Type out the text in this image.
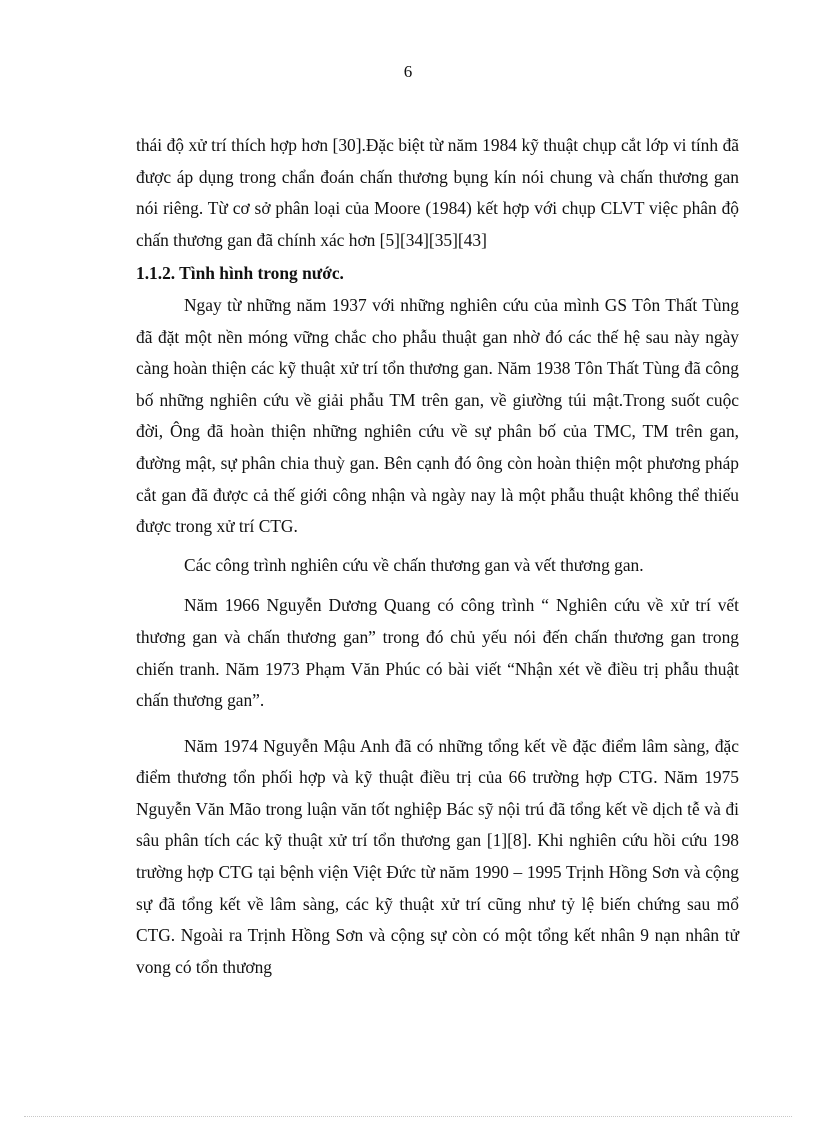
6

thái độ xử trí thích hợp hơn [30].Đặc biệt từ năm 1984 kỹ thuật chụp cắt lớp vi tính đã được áp dụng trong chẩn đoán chấn thương bụng kín nói chung và chấn thương gan nói riêng. Từ cơ sở phân loại của Moore (1984) kết hợp với chụp CLVT việc phân độ chấn thương gan đã chính xác hơn [5][34][35][43]

1.1.2. Tình hình trong nước.

Ngay từ những năm 1937 với những nghiên cứu của mình GS Tôn Thất Tùng đã đặt một nền móng vững chắc cho phẫu thuật gan nhờ đó các thế hệ sau này ngày càng hoàn thiện các kỹ thuật xử trí tổn thương gan. Năm 1938 Tôn Thất Tùng đã công bố những nghiên cứu về giải phẫu TM trên gan, về giường túi mật.Trong suốt cuộc đời, Ông đã hoàn thiện những nghiên cứu về sự phân bố của TMC, TM trên gan, đường mật, sự phân chia thuỳ gan. Bên cạnh đó ông còn hoàn thiện một phương pháp cắt gan đã được cả thế giới công nhận và ngày nay là một phẫu thuật không thể thiếu được trong xử trí CTG.

Các công trình nghiên cứu về chấn thương gan và vết thương gan.

Năm 1966 Nguyễn Dương Quang có công trình “ Nghiên cứu về xử trí vết thương gan và chấn thương gan” trong đó chủ yếu nói đến chấn thương gan trong chiến tranh. Năm 1973 Phạm Văn Phúc có bài viết “Nhận xét về điều trị phẫu thuật chấn thương gan”.

Năm 1974 Nguyễn Mậu Anh đã có những tổng kết về đặc điểm lâm sàng, đặc điểm thương tổn phối hợp và kỹ thuật điều trị của 66 trường hợp CTG. Năm 1975 Nguyễn Văn Mão trong luận văn tốt nghiệp Bác sỹ nội trú đã tổng kết về dịch tễ và đi sâu phân tích các kỹ thuật xử trí tổn thương gan [1][8]. Khi nghiên cứu hồi cứu 198 trường hợp CTG tại bệnh viện Việt Đức từ năm 1990 – 1995 Trịnh Hồng Sơn và cộng sự đã tổng kết về lâm sàng, các kỹ thuật xử trí cũng như tỷ lệ biến chứng sau mổ CTG. Ngoài ra Trịnh Hồng Sơn và cộng sự còn có một tổng kết nhân 9 nạn nhân tử vong có tổn thương
